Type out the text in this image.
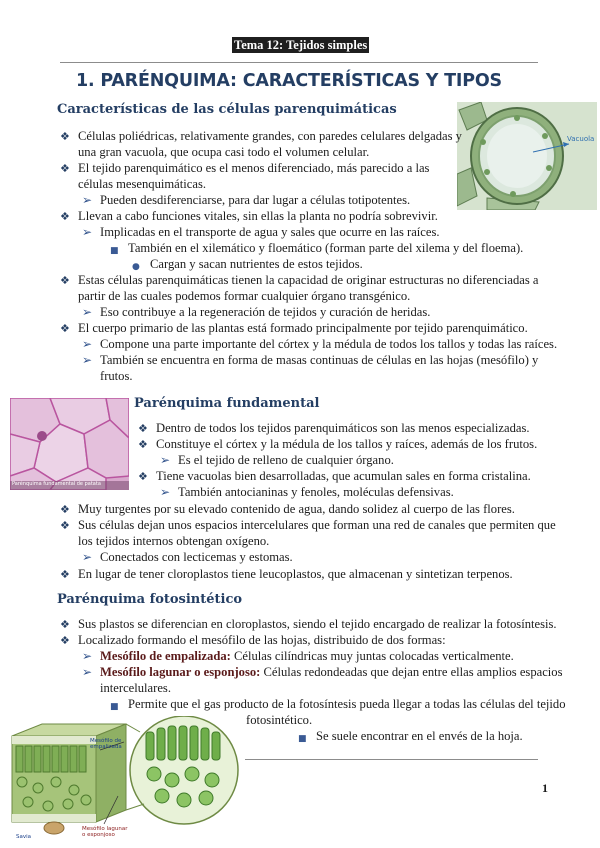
Tema 12: Tejidos simples
1. PARÉNQUIMA: CARACTERÍSTICAS Y TIPOS
Características de las células parenquimáticas
Vacuola
❖ Células poliédricas, relativamente grandes, con paredes celulares delgadas y
una gran vacuola, que ocupa casi todo el volumen celular.
❖ El tejido parenquimático es el menos diferenciado, más parecido a las
células mesenquimáticas.
➢ Pueden desdiferenciarse, para dar lugar a células totipotentes.
❖ Llevan a cabo funciones vitales, sin ellas la planta no podría sobrevivir.
➢ Implicadas en el transporte de agua y sales que ocurre en las raíces.
■ También en el xilemático y floemático (forman parte del xilema y del floema).
● Cargan y sacan nutrientes de estos tejidos.
❖ Estas células parenquimáticas tienen la capacidad de originar estructuras no diferenciadas a
partir de las cuales podemos formar cualquier órgano transgénico.
➢ Eso contribuye a la regeneración de tejidos y curación de heridas.
❖ El cuerpo primario de las plantas está formado principalmente por tejido parenquimático.
➢ Compone una parte importante del córtex y la médula de todos los tallos y todas las raíces.
➢ También se encuentra en forma de masas continuas de células en las hojas (mesófilo) y
frutos.
Parénquima fundamental de patata
Parénquima fundamental
❖ Dentro de todos los tejidos parenquimáticos son las menos especializadas.
❖ Constituye el córtex y la médula de los tallos y raíces, además de los frutos.
➢ Es el tejido de relleno de cualquier órgano.
❖ Tiene vacuolas bien desarrolladas, que acumulan sales en forma cristalina.
➢ También antocianinas y fenoles, moléculas defensivas.
❖ Muy turgentes por su elevado contenido de agua, dando solidez al cuerpo de las flores.
❖ Sus células dejan unos espacios intercelulares que forman una red de canales que permiten que
los tejidos internos obtengan oxígeno.
➢ Conectados con lecticemas y estomas.
❖ En lugar de tener cloroplastos tiene leucoplastos, que almacenan y sintetizan terpenos.
Parénquima fotosintético
❖ Sus plastos se diferencian en cloroplastos, siendo el tejido encargado de realizar la fotosíntesis.
❖ Localizado formando el mesófilo de las hojas, distribuido de dos formas:
➢ Mesófilo de empalizada: Células cilíndricas muy juntas colocadas verticalmente.
➢ Mesófilo lagunar o esponjoso: Células redondeadas que dejan entre ellas amplios espacios
intercelulares.
■ Permite que el gas producto de la fotosíntesis pueda llegar a todas las células del tejido
fotosintético.
■ Se suele encontrar en el envés de la hoja.
Mesófilo de empalizada
Mesófilo lagunar o esponjoso
Savia
1
